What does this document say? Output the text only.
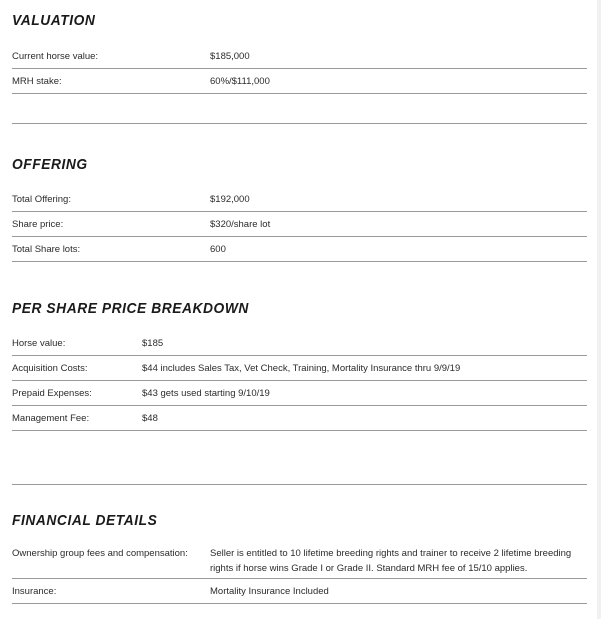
VALUATION
Current horse value:	$185,000
MRH stake:	60%/$111,000
OFFERING
Total Offering:	$192,000
Share price:	$320/share lot
Total Share lots:	600
PER SHARE PRICE BREAKDOWN
Horse value:	$185
Acquisition Costs:	$44 includes Sales Tax, Vet Check, Training, Mortality Insurance thru 9/9/19
Prepaid Expenses:	$43 gets used starting 9/10/19
Management Fee:	$48
FINANCIAL DETAILS
Ownership group fees and compensation:	Seller is entitled to 10 lifetime breeding rights and trainer to receive 2 lifetime breeding
rights if horse wins Grade I or Grade II. Standard MRH fee of 15/10 applies.
Insurance:	Mortality Insurance Included
